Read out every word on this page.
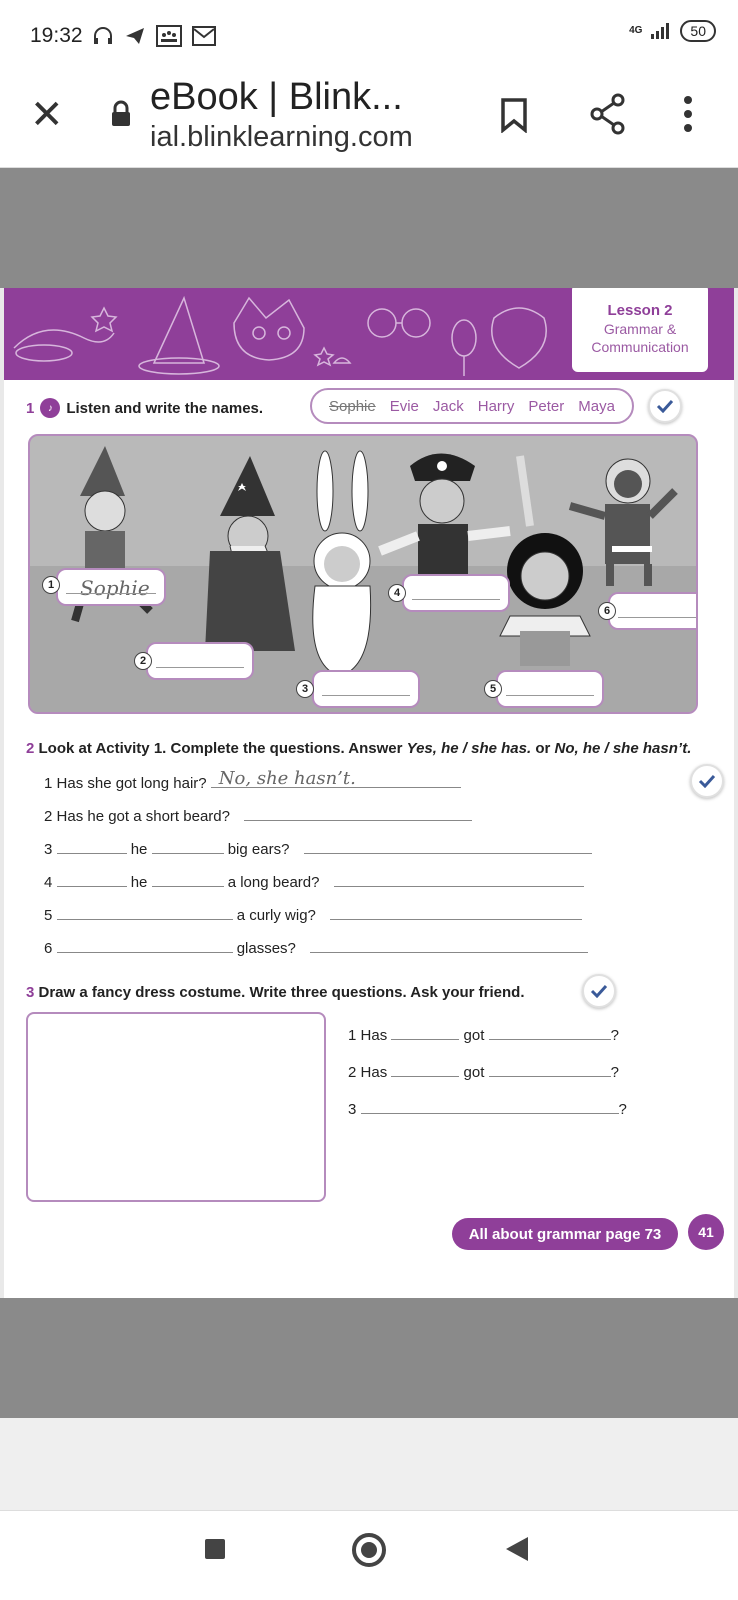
19:32	4G	50
✕ eBook | Blink...
ial.blinklearning.com
Lesson 2
Grammar &
Communication
1	♪ Listen and write the names.	Sophie Evie Jack Harry Peter Maya
Sophie
1
2
3
4
5
6
2 Look at Activity 1. Complete the questions. Answer Yes, he / she has. or No, he / she hasn’t.
1 Has she got long hair? No, she hasn’t.
2 Has he got a short beard?
3	he	big ears?
4	he	a long beard?
5	a curly wig?
6	glasses?
3 Draw a fancy dress costume. Write three questions. Ask your friend.
1 Has	got	?
2 Has	got	?
3	?
All about grammar page 73	41
